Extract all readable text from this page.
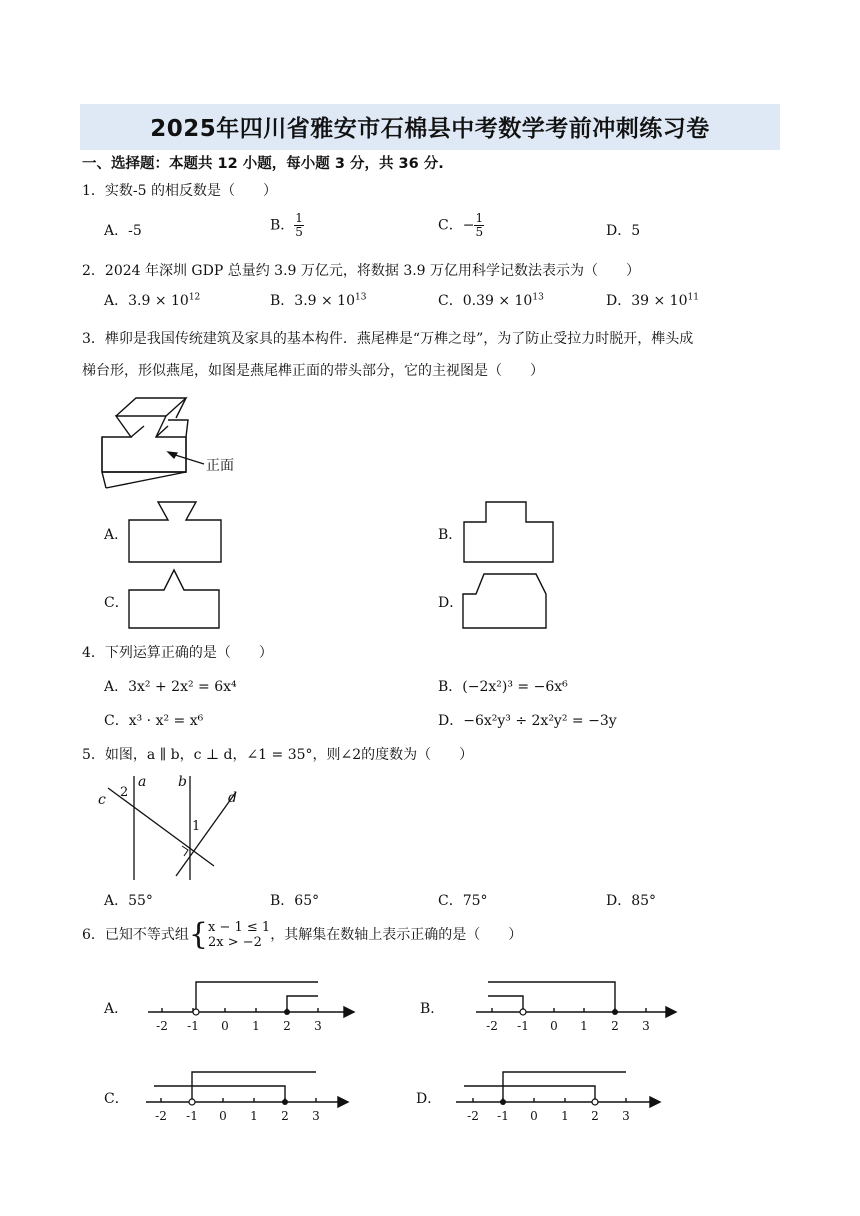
2025年四川省雅安市石棉县中考数学考前冲刺练习卷
一、选择题：本题共 12 小题，每小题 3 分，共 36 分.
1．实数-5 的相反数是（　　）
A．-5	B． $\frac{1}{5}$	C．− $\frac{1}{5}$	D．5
2．2024 年深圳 GDP 总量约 3.9 万亿元，将数据 3.9 万亿用科学记数法表示为（　　）
A．$3.9 \times 10^{12}$	B．$3.9 \times 10^{13}$	C．$0.39 \times 10^{13}$	D．$39 \times 10^{11}$
3．榫卯是我国传统建筑及家具的基本构件．燕尾榫是“万榫之母”，为了防止受拉力时脱开，榫头成
梯台形，形似燕尾，如图是燕尾榫正面的带头部分，它的主视图是（　　）
正面
A．	B．
C．	D．
4．下列运算正确的是（　　）
A．3x² + 2x² = 6x⁴	B．(−2x²)³ = −6x⁶
C．x³ · x² = x⁶	D．−6x²y³ ÷ 2x²y² = −3y
5．如图，a ∥ b，c ⊥ d，∠1 = 35°，则∠2的度数为（　　）
a b
c	d
1
2
A．55°	B．65°	C．75°	D．85°
6．已知不等式组{ x − 1 ≤ 1
2x > −2 ，其解集在数轴上表示正确的是（　　）
A．
-2 -1 0 1 2 3
B．
-2 -1 0 1 2 3
C．
-2 -1 0 1 2 3
D．
-2 -1 0 1 2 3
